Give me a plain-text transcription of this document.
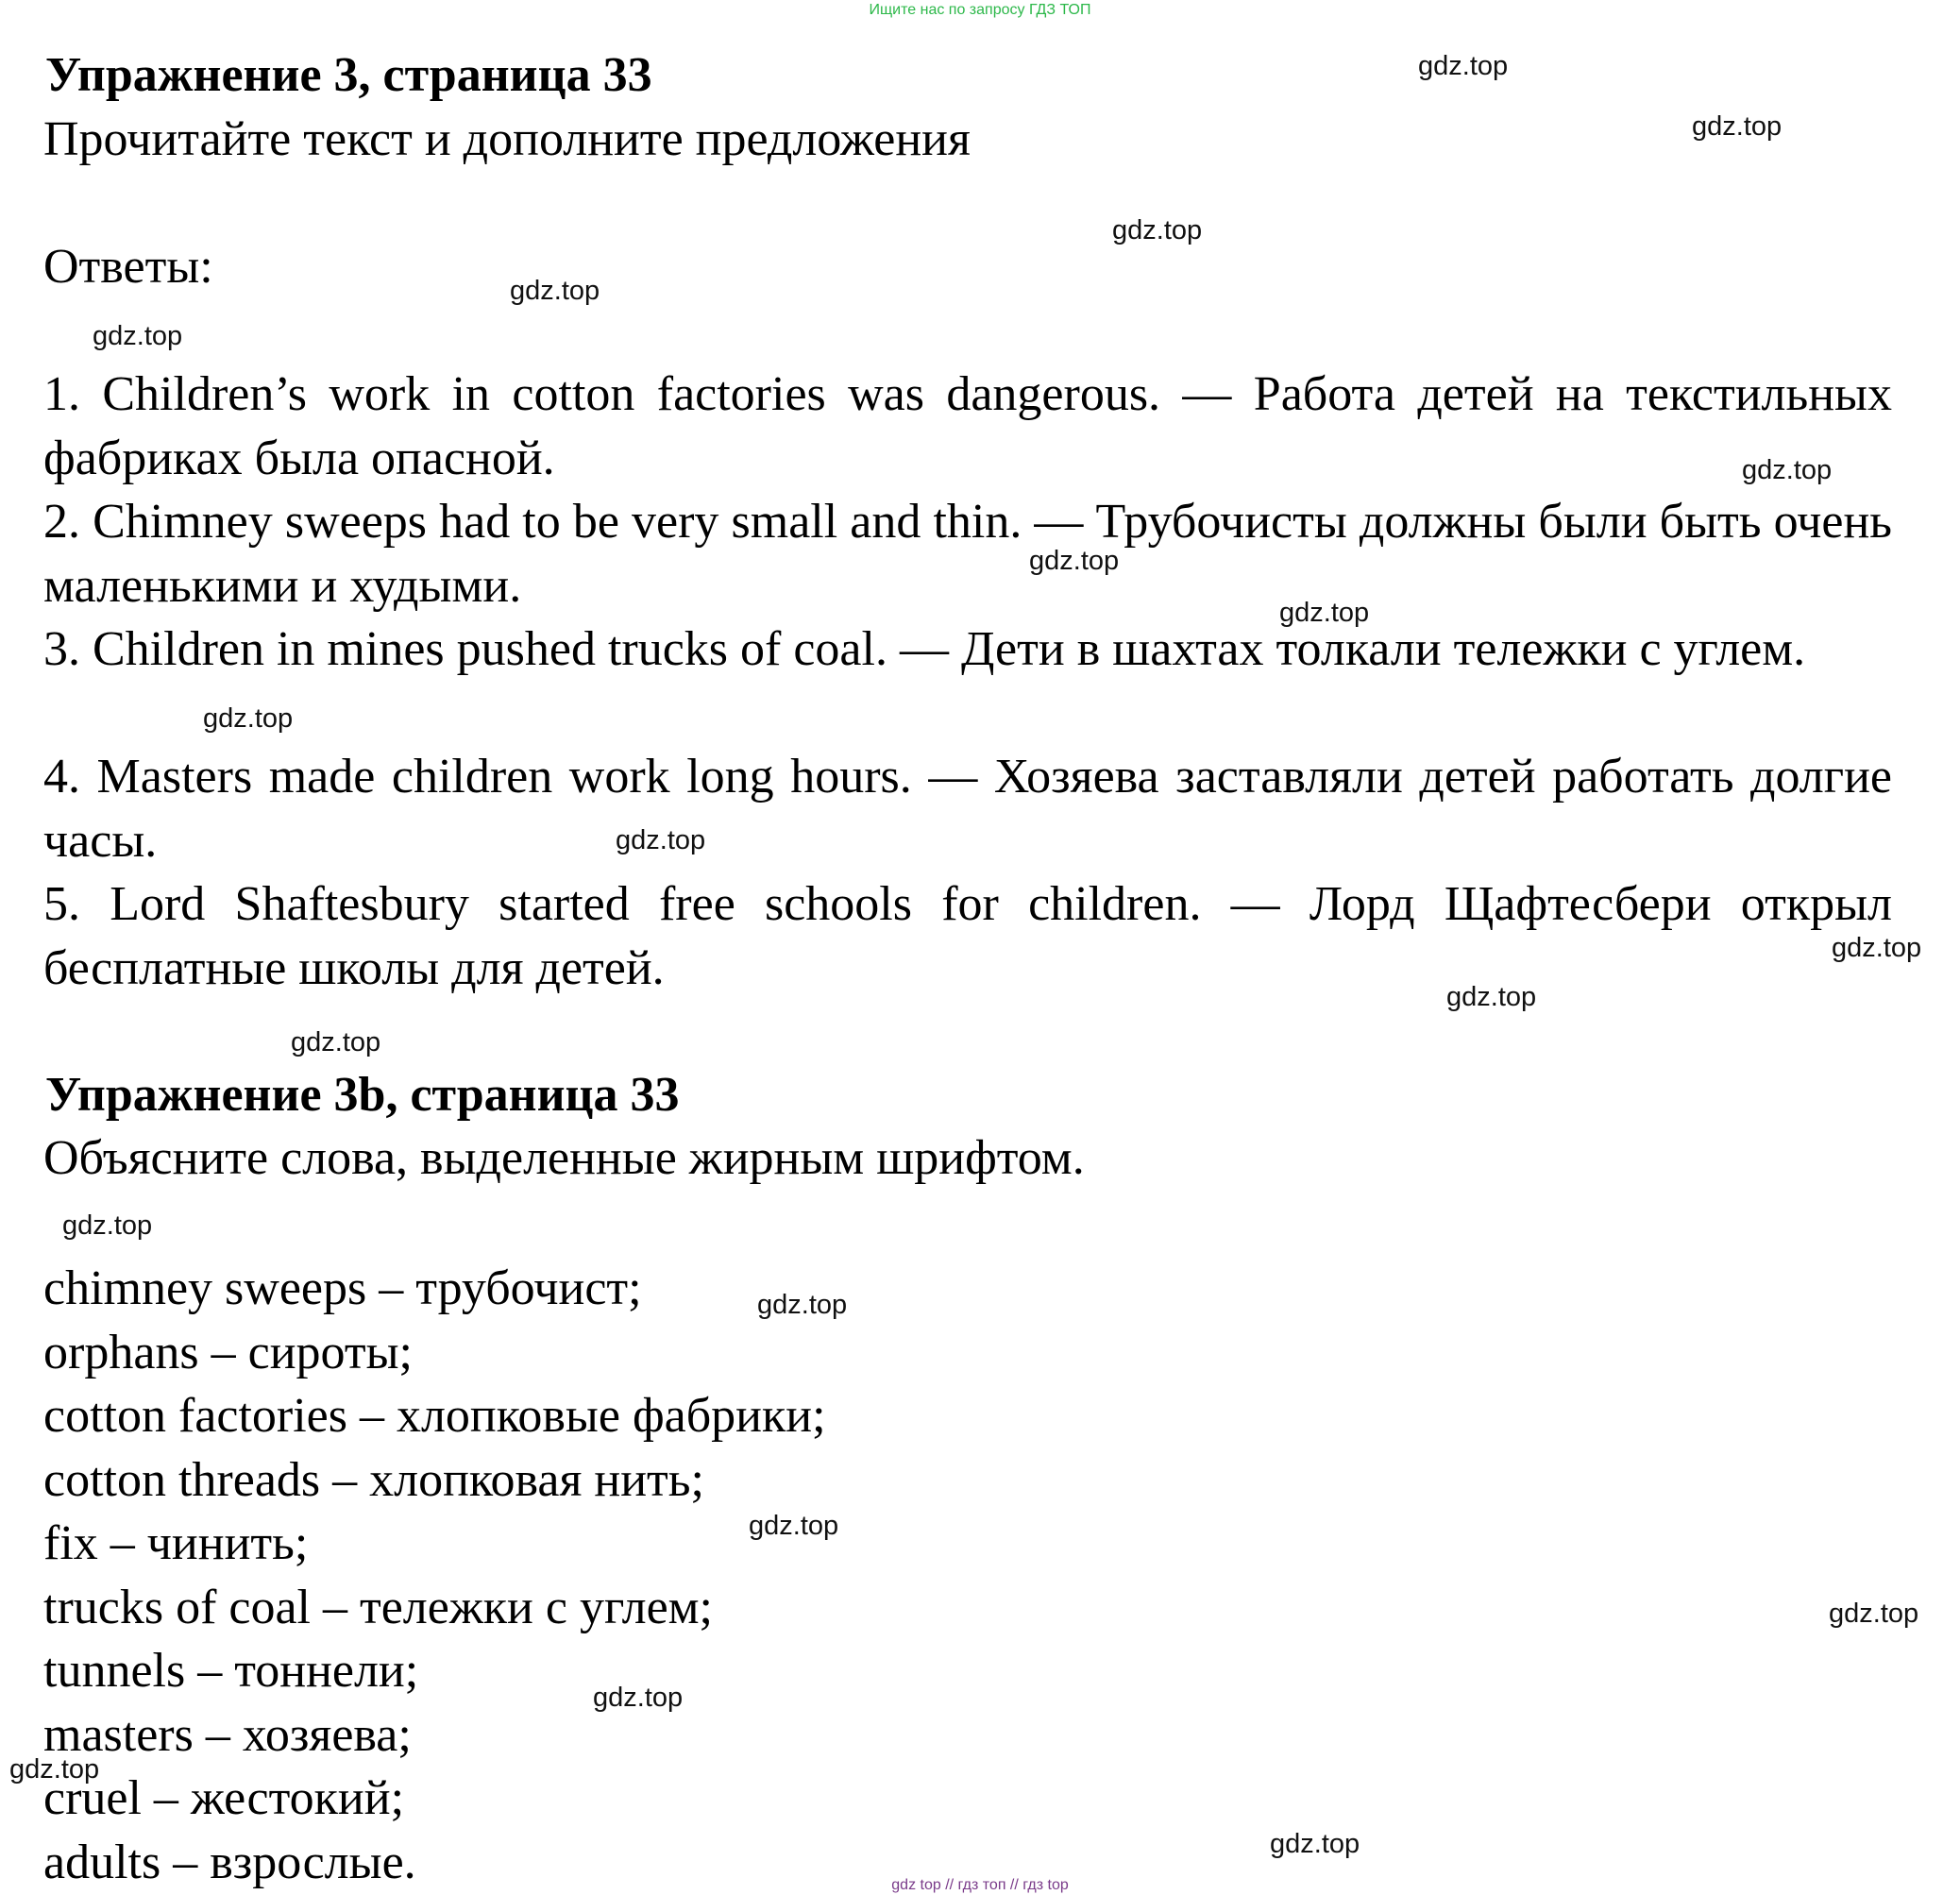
Ищите нас по запросу ГДЗ ТОП
Упражнение 3, страница 33
Прочитайте текст и дополните предложения
Ответы:
1. Children’s work in cotton factories was dangerous. — Работа детей на текстильных фабриках была опасной.
2. Chimney sweeps had to be very small and thin. — Трубочисты должны были быть очень маленькими и худыми.
3. Children in mines pushed trucks of coal. — Дети в шахтах толкали тележки с углем.
4. Masters made children work long hours. — Хозяева заставляли детей работать долгие часы.
5. Lord Shaftesbury started free schools for children. — Лорд Щафтесбери открыл бесплатные школы для детей.
Упражнение 3b, страница 33
Объясните слова, выделенные жирным шрифтом.
chimney sweeps – трубочист;
orphans – сироты;
cotton factories – хлопковые фабрики;
cotton threads – хлопковая нить;
fix – чинить;
trucks of coal – тележки с углем;
tunnels – тоннели;
masters – хозяева;
cruel – жестокий;
adults – взрослые.
gdz.top
gdz.top
gdz.top
gdz.top
gdz.top
gdz.top
gdz.top
gdz.top
gdz.top
gdz.top
gdz.top
gdz.top
gdz.top
gdz.top
gdz.top
gdz.top
gdz.top
gdz.top
gdz.top
gdz.top
gdz top // гдз топ // гдз top
